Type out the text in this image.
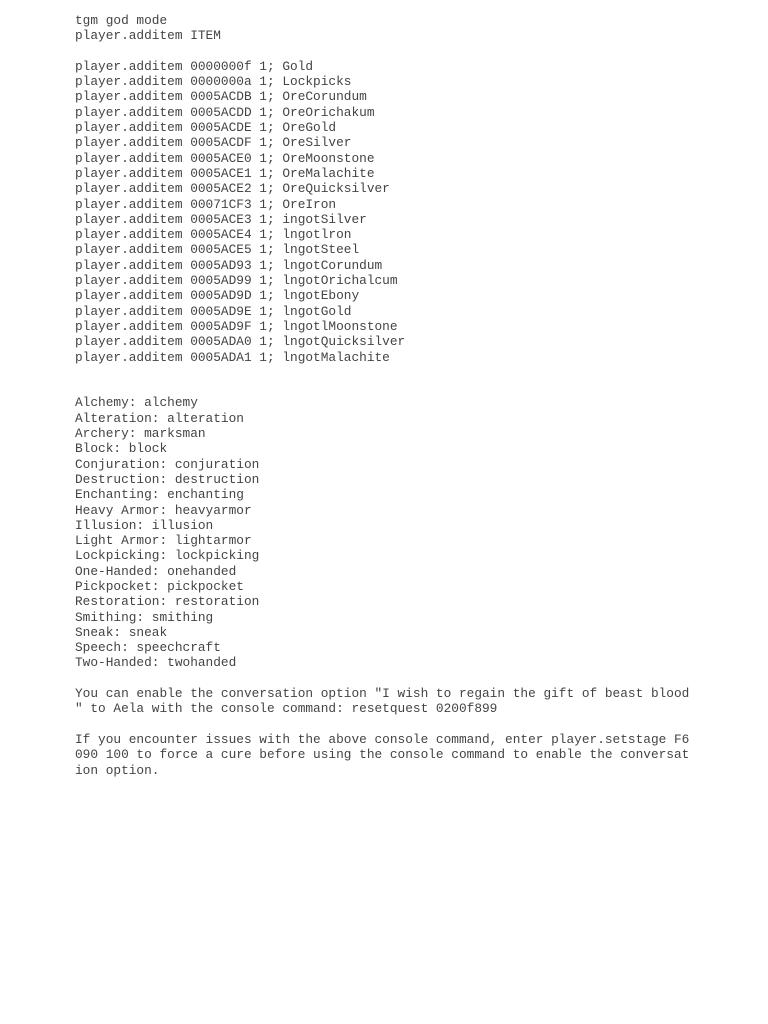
tgm god mode
player.additem ITEM
player.additem 0000000f 1; Gold
player.additem 0000000a 1; Lockpicks
player.additem 0005ACDB 1; OreCorundum
player.additem 0005ACDD 1; OreOrichakum
player.additem 0005ACDE 1; OreGold
player.additem 0005ACDF 1; OreSilver
player.additem 0005ACE0 1; OreMoonstone
player.additem 0005ACE1 1; OreMalachite
player.additem 0005ACE2 1; OreQuicksilver
player.additem 00071CF3 1; OreIron
player.additem 0005ACE3 1; ingotSilver
player.additem 0005ACE4 1; lngotlron
player.additem 0005ACE5 1; lngotSteel
player.additem 0005AD93 1; lngotCorundum
player.additem 0005AD99 1; lngotOrichalcum
player.additem 0005AD9D 1; lngotEbony
player.additem 0005AD9E 1; lngotGold
player.additem 0005AD9F 1; lngotlMoonstone
player.additem 0005ADA0 1; lngotQuicksilver
player.additem 0005ADA1 1; lngotMalachite
Alchemy: alchemy
Alteration: alteration
Archery: marksman
Block: block
Conjuration: conjuration
Destruction: destruction
Enchanting: enchanting
Heavy Armor: heavyarmor
Illusion: illusion
Light Armor: lightarmor
Lockpicking: lockpicking
One-Handed: onehanded
Pickpocket: pickpocket
Restoration: restoration
Smithing: smithing
Sneak: sneak
Speech: speechcraft
Two-Handed: twohanded
You can enable the conversation option "I wish to regain the gift of beast blood
" to Aela with the console command: resetquest 0200f899
If you encounter issues with the above console command, enter player.setstage F6
090 100 to force a cure before using the console command to enable the conversat
ion option.
